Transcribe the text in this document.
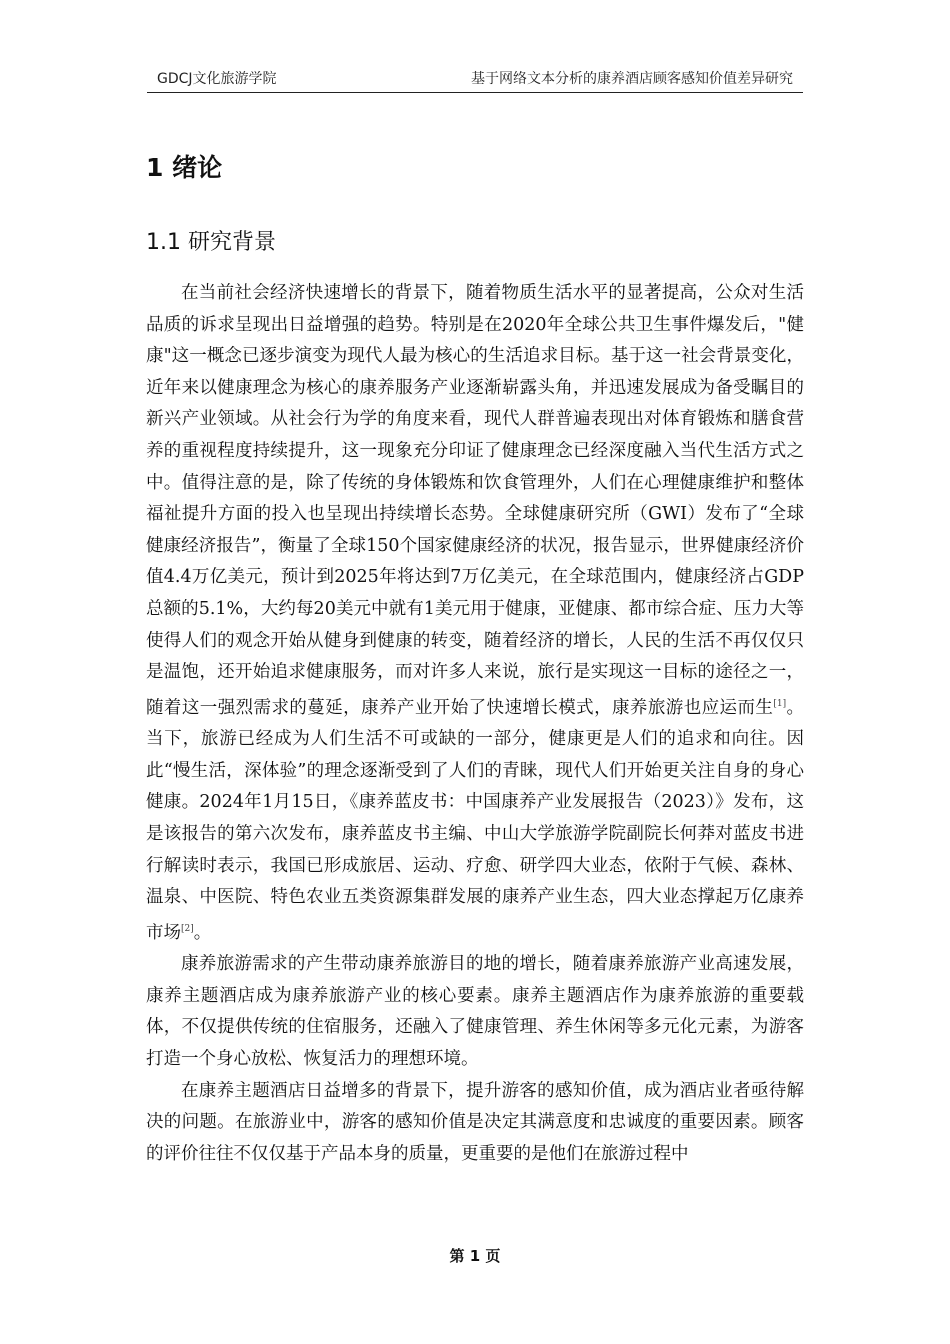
GDCJ文化旅游学院	基于网络文本分析的康养酒店顾客感知价值差异研究
1 绪论
1.1 研究背景

在当前社会经济快速增长的背景下，随着物质生活水平的显著提高，公众对生活品质的诉求呈现出日益增强的趋势。特别是在2020年全球公共卫生事件爆发后，"健康"这一概念已逐步演变为现代人最为核心的生活追求目标。基于这一社会背景变化，近年来以健康理念为核心的康养服务产业逐渐崭露头角，并迅速发展成为备受瞩目的新兴产业领域。从社会行为学的角度来看，现代人群普遍表现出对体育锻炼和膳食营养的重视程度持续提升，这一现象充分印证了健康理念已经深度融入当代生活方式之中。值得注意的是，除了传统的身体锻炼和饮食管理外，人们在心理健康维护和整体福祉提升方面的投入也呈现出持续增长态势。全球健康研究所（GWI）发布了“全球健康经济报告”，衡量了全球150个国家健康经济的状况，报告显示，世界健康经济价值4.4万亿美元，预计到2025年将达到7万亿美元，在全球范围内，健康经济占GDP总额的5.1%，大约每20美元中就有1美元用于健康，亚健康、都市综合症、压力大等使得人们的观念开始从健身到健康的转变，随着经济的增长，人民的生活不再仅仅只是温饱，还开始追求健康服务，而对许多人来说，旅行是实现这一目标的途径之一，随着这一强烈需求的蔓延，康养产业开始了快速增长模式，康养旅游也应运而生[1]。当下，旅游已经成为人们生活不可或缺的一部分，健康更是人们的追求和向往。因此“慢生活，深体验”的理念逐渐受到了人们的青睐，现代人们开始更关注自身的身心健康。2024年1月15日，《康养蓝皮书：中国康养产业发展报告（2023）》发布，这是该报告的第六次发布，康养蓝皮书主编、中山大学旅游学院副院长何莽对蓝皮书进行解读时表示，我国已形成旅居、运动、疗愈、研学四大业态，依附于气候、森林、温泉、中医院、特色农业五类资源集群发展的康养产业生态，四大业态撑起万亿康养市场[2]。

康养旅游需求的产生带动康养旅游目的地的增长，随着康养旅游产业高速发展，康养主题酒店成为康养旅游产业的核心要素。康养主题酒店作为康养旅游的重要载体，不仅提供传统的住宿服务，还融入了健康管理、养生休闲等多元化元素，为游客打造一个身心放松、恢复活力的理想环境。

在康养主题酒店日益增多的背景下，提升游客的感知价值，成为酒店业者亟待解决的问题。在旅游业中，游客的感知价值是决定其满意度和忠诚度的重要因素。顾客的评价往往不仅仅基于产品本身的质量，更重要的是他们在旅游过程中

第 1 页
